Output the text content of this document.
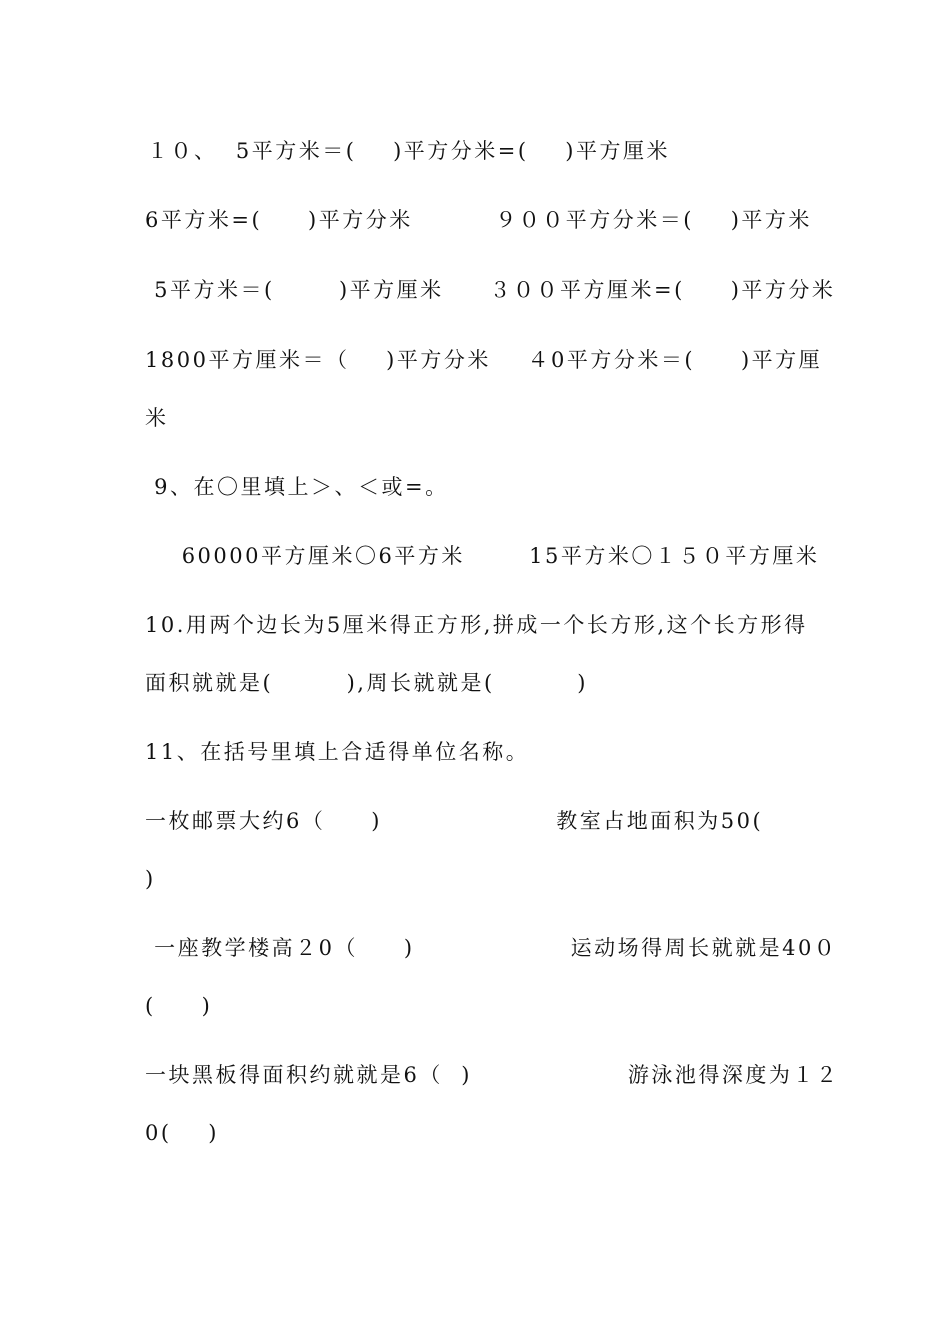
１０、  5平方米＝(    )平方分米=(    )平方厘米
6平方米=(     )平方分米         ９００平方分米＝(    )平方米
5平方米＝(       )平方厘米     ３００平方厘米=(     )平方分米
1800平方厘米＝（    )平方分米    ４0平方分米＝(     )平方厘
米
9、在〇里填上＞、＜或=。
60000平方厘米〇6平方米       15平方米〇１５０平方厘米
10.用两个边长为5厘米得正方形,拼成一个长方形,这个长方形得
面积就就是(        ),周长就就是(         )
11、在括号里填上合适得单位名称。
一枚邮票大约6（     )                   教室占地面积为50(
)
一座教学楼高２0（     )                 运动场得周长就就是40０
(     )
一块黑板得面积约就就是6（  )                 游泳池得深度为１２
0(    )
